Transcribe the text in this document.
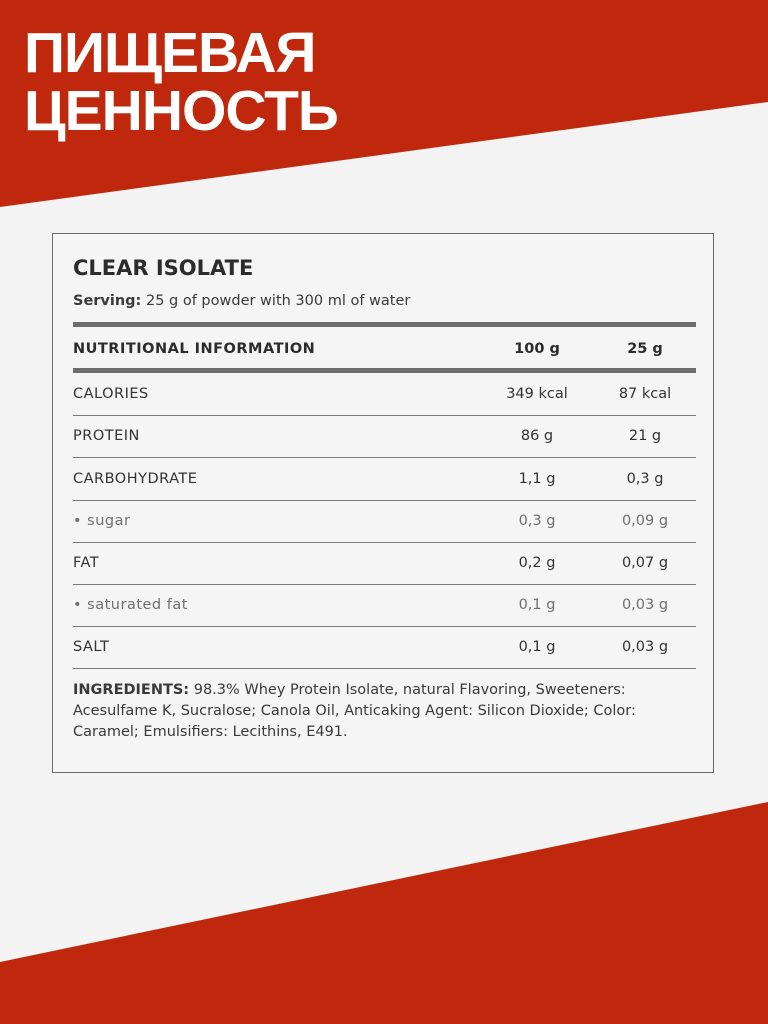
ПИЩЕВАЯ
ЦЕННОСТЬ
CLEAR ISOLATE
Serving: 25 g of powder with 300 ml of water
NUTRITIONAL INFORMATION	100 g	25 g
CALORIES	349 kcal	87 kcal
PROTEIN	86 g	21 g
CARBOHYDRATE	1,1 g	0,3 g
• sugar	0,3 g	0,09 g
FAT	0,2 g	0,07 g
• saturated fat	0,1 g	0,03 g
SALT	0,1 g	0,03 g
INGREDIENTS: 98.3% Whey Protein Isolate, natural Flavoring, Sweeteners: Acesulfame K, Sucralose; Canola Oil, Anticaking Agent: Silicon Dioxide; Color: Caramel; Emulsifiers: Lecithins, E491.
